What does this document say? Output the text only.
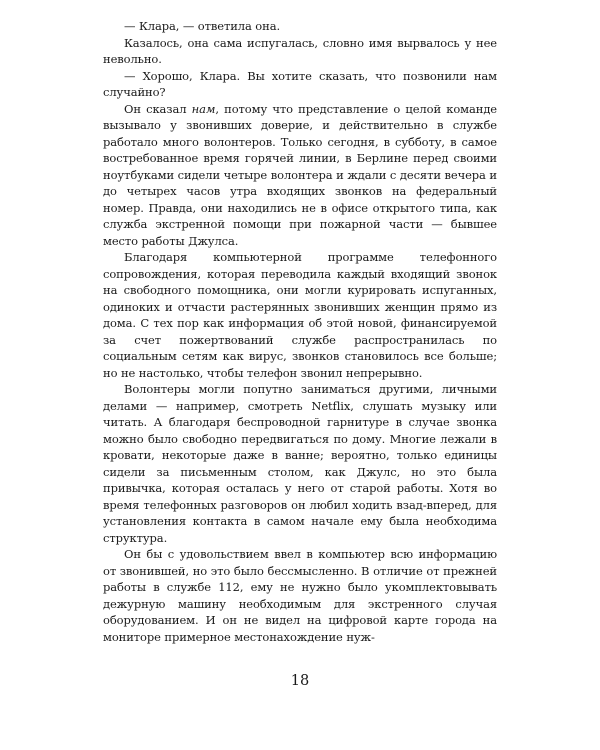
— Клара, — ответила она.

Казалось, она сама испугалась, словно имя вырвалось у нее невольно.

— Хорошо, Клара. Вы хотите сказать, что позвонили нам случайно?

Он сказал нам, потому что представление о целой команде вызывало у звонивших доверие, и действительно в службе работало много волонтеров. Только сегодня, в субботу, в самое востребованное время горячей линии, в Берлине перед своими ноутбуками сидели четыре волонтера и ждали с десяти вечера и до четырех часов утра входящих звонков на федеральный номер. Правда, они находились не в офисе открытого типа, как служба экстренной помощи при пожарной части — бывшее место работы Джулса.

Благодаря компьютерной программе телефонного сопровождения, которая переводила каждый входящий звонок на свободного помощника, они могли курировать испуганных, одиноких и отчасти растерянных звонивших женщин прямо из дома. С тех пор как информация об этой новой, финансируемой за счет пожертвований службе распространилась по социальным сетям как вирус, звонков становилось все больше; но не настолько, чтобы телефон звонил непрерывно.

Волонтеры могли попутно заниматься другими, личными делами — например, смотреть Netflix, слушать музыку или читать. А благодаря беспроводной гарнитуре в случае звонка можно было свободно передвигаться по дому. Многие лежали в кровати, некоторые даже в ванне; вероятно, только единицы сидели за письменным столом, как Джулс, но это была привычка, которая осталась у него от старой работы. Хотя во время телефонных разговоров он любил ходить взад-вперед, для установления контакта в самом начале ему была необходима структура.

Он бы с удовольствием ввел в компьютер всю информацию от звонившей, но это было бессмысленно. В отличие от прежней работы в службе 112, ему не нужно было укомплектовывать дежурную машину необходимым для экстренного случая оборудованием. И он не видел на цифровой карте города на мониторе примерное местонахождение нуж-

18
